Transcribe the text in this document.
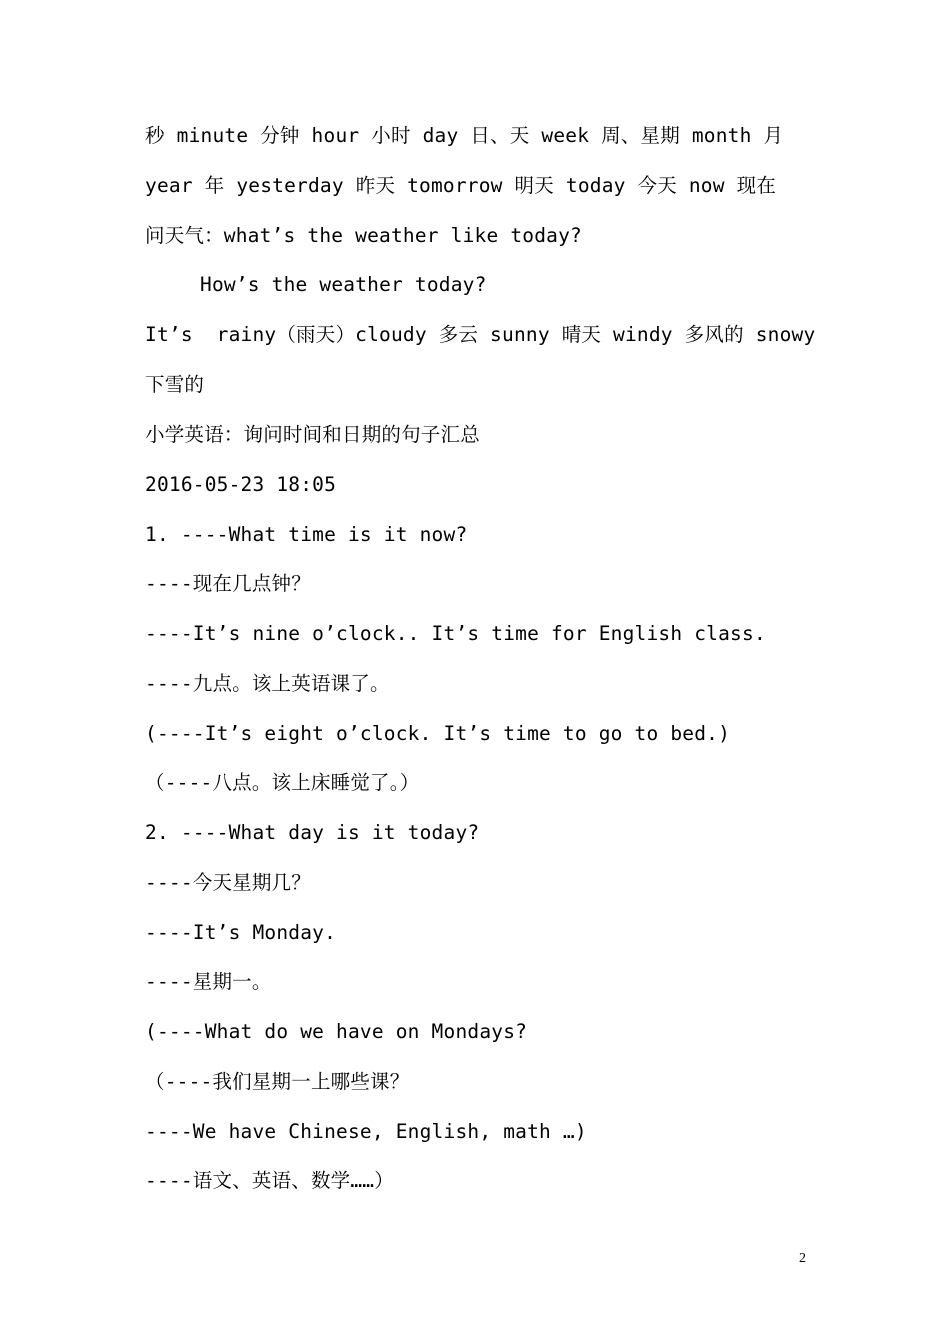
秒 minute 分钟 hour 小时 day 日、天 week 周、星期 month 月
year 年 yesterday 昨天 tomorrow 明天 today 今天 now 现在
问天气：what’s the weather like today?
How’s the weather today?
It’s  rainy（雨天）cloudy 多云 sunny 晴天 windy 多风的 snowy
下雪的
小学英语：询问时间和日期的句子汇总
2016-05-23 18:05
1. ----What time is it now?
----现在几点钟？
----It’s nine o’clock.. It’s time for English class.
----九点。该上英语课了。
(----It’s eight o’clock. It’s time to go to bed.)
（----八点。该上床睡觉了。）
2. ----What day is it today?
----今天星期几？
----It’s Monday.
----星期一。
(----What do we have on Mondays?
（----我们星期一上哪些课？
----We have Chinese, English, math …)
----语文、英语、数学……）
2
